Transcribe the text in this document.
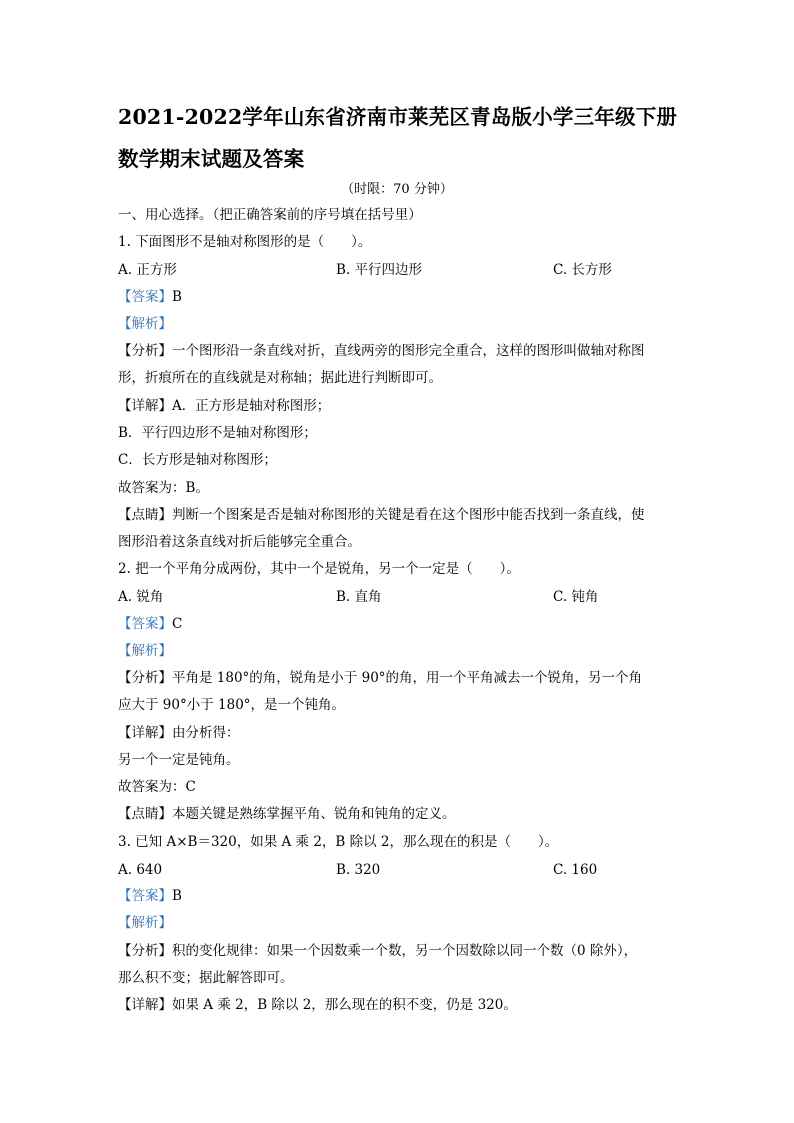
2021-2022学年山东省济南市莱芜区青岛版小学三年级下册
数学期末试题及答案
（时限：70 分钟）
一、用心选择。（把正确答案前的序号填在括号里）
1. 下面图形不是轴对称图形的是（　　）。
A. 正方形	B. 平行四边形	C. 长方形
【答案】B
【解析】
【分析】一个图形沿一条直线对折，直线两旁的图形完全重合，这样的图形叫做轴对称图
形，折痕所在的直线就是对称轴；据此进行判断即可。
【详解】A．正方形是轴对称图形；
B．平行四边形不是轴对称图形；
C．长方形是轴对称图形；
故答案为：B。
【点睛】判断一个图案是否是轴对称图形的关键是看在这个图形中能否找到一条直线，使
图形沿着这条直线对折后能够完全重合。
2. 把一个平角分成两份，其中一个是锐角，另一个一定是（　　）。
A. 锐角	B. 直角	C. 钝角
【答案】C
【解析】
【分析】平角是 180°的角，锐角是小于 90°的角，用一个平角减去一个锐角，另一个角
应大于 90°小于 180°，是一个钝角。
【详解】由分析得：
另一个一定是钝角。
故答案为：C
【点睛】本题关键是熟练掌握平角、锐角和钝角的定义。
3. 已知 A×B＝320，如果 A 乘 2，B 除以 2，那么现在的积是（　　）。
A. 640	B. 320	C. 160
【答案】B
【解析】
【分析】积的变化规律：如果一个因数乘一个数，另一个因数除以同一个数（0 除外），
那么积不变；据此解答即可。
【详解】如果 A 乘 2，B 除以 2，那么现在的积不变，仍是 320。
